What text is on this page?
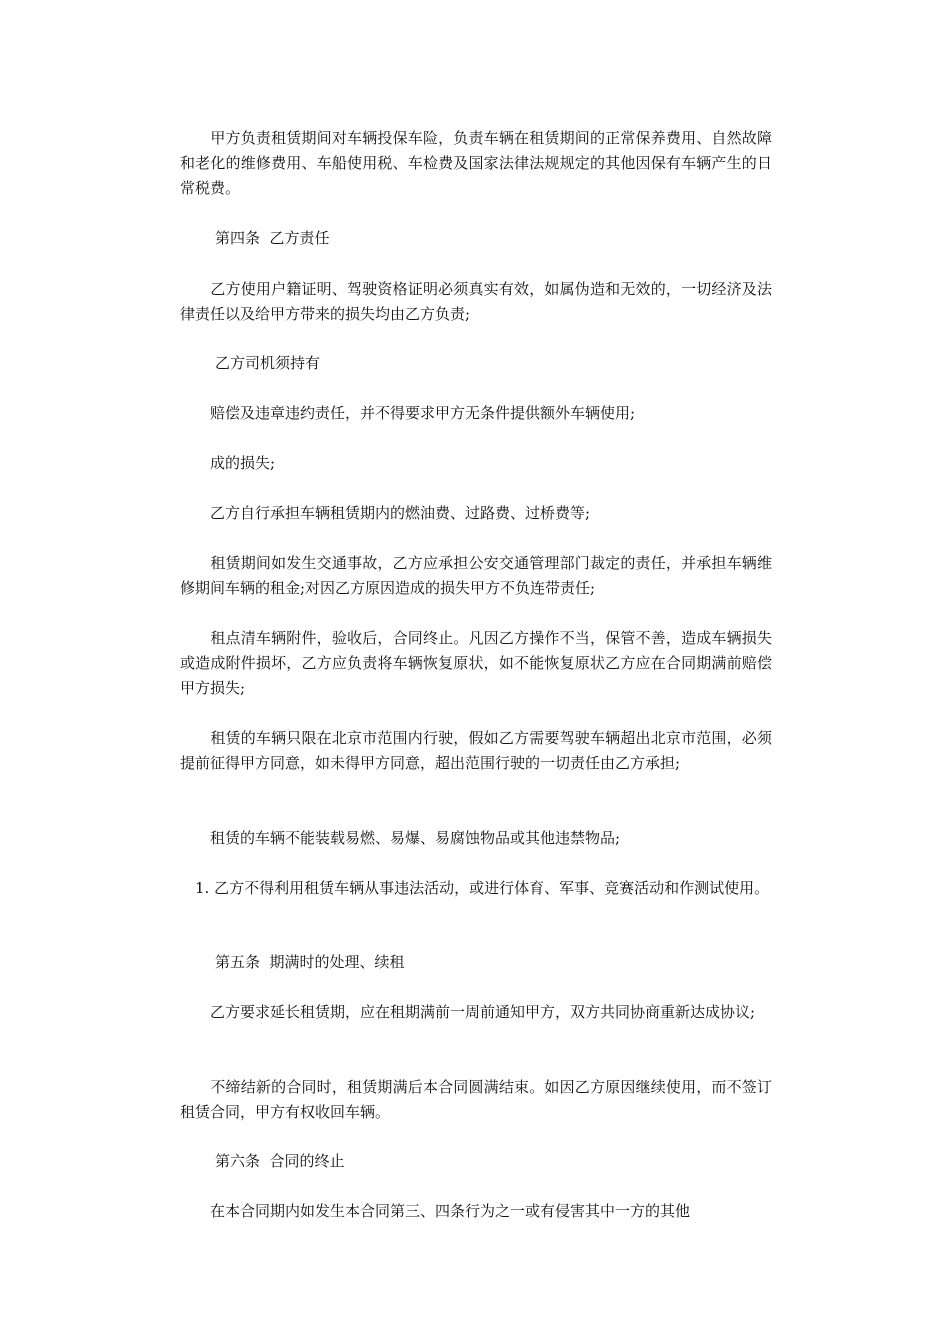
　　甲方负责租赁期间对车辆投保车险，负责车辆在租赁期间的正常保养费用、自然故障和老化的维修费用、车船使用税、车检费及国家法律法规规定的其他因保有车辆产生的日常税费。

第四条  乙方责任

　　乙方使用户籍证明、驾驶资格证明必须真实有效，如属伪造和无效的，一切经济及法律责任以及给甲方带来的损失均由乙方负责;

乙方司机须持有

　　赔偿及违章违约责任，并不得要求甲方无条件提供额外车辆使用;

　　成的损失;

　　乙方自行承担车辆租赁期内的燃油费、过路费、过桥费等;

　　租赁期间如发生交通事故，乙方应承担公安交通管理部门裁定的责任，并承担车辆维修期间车辆的租金;对因乙方原因造成的损失甲方不负连带责任;

　　租点清车辆附件，验收后，合同终止。凡因乙方操作不当，保管不善，造成车辆损失或造成附件损坏，乙方应负责将车辆恢复原状，如不能恢复原状乙方应在合同期满前赔偿甲方损失;

　　租赁的车辆只限在北京市范围内行驶，假如乙方需要驾驶车辆超出北京市范围，必须提前征得甲方同意，如未得甲方同意，超出范围行驶的一切责任由乙方承担;

　　租赁的车辆不能装载易燃、易爆、易腐蚀物品或其他违禁物品;

　1. 乙方不得利用租赁车辆从事违法活动，或进行体育、军事、竞赛活动和作测试使用。

第五条  期满时的处理、续租

　　乙方要求延长租赁期，应在租期满前一周前通知甲方，双方共同协商重新达成协议;

　　不缔结新的合同时，租赁期满后本合同圆满结束。如因乙方原因继续使用，而不签订租赁合同，甲方有权收回车辆。

第六条  合同的终止

　　在本合同期内如发生本合同第三、四条行为之一或有侵害其中一方的其他
